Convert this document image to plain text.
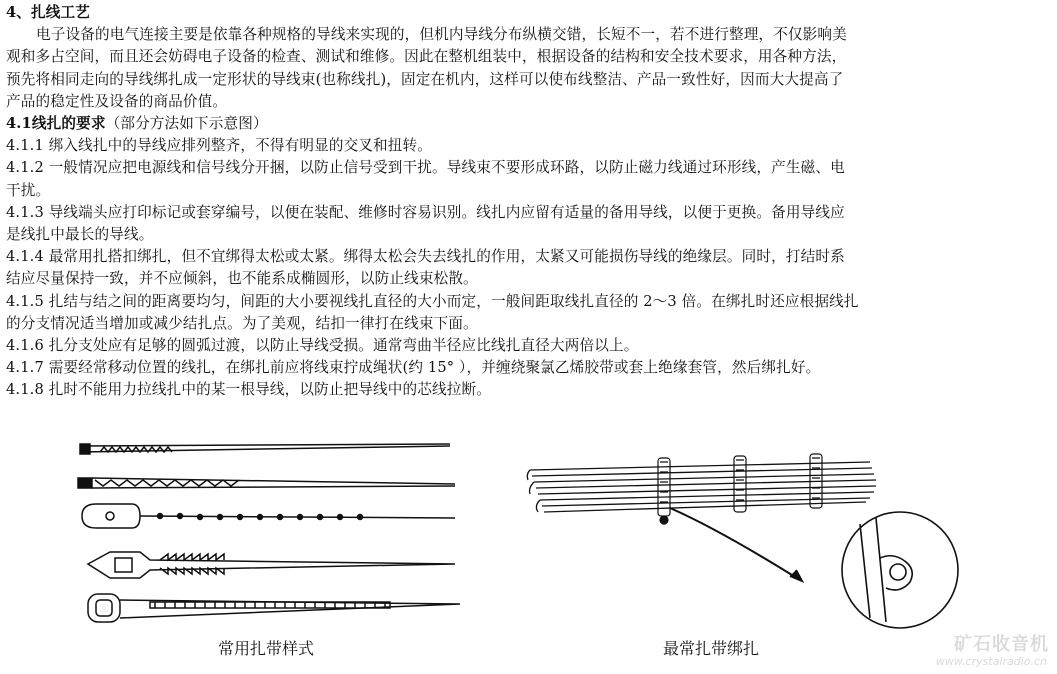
4、扎线工艺
电子设备的电气连接主要是依靠各种规格的导线来实现的，但机内导线分布纵横交错，长短不一，若不进行整理，不仅影响美
观和多占空间，而且还会妨碍电子设备的检查、测试和维修。因此在整机组装中，根据设备的结构和安全技术要求，用各种方法，
预先将相同走向的导线绑扎成一定形状的导线束(也称线扎)，固定在机内，这样可以使布线整洁、产品一致性好，因而大大提高了
产品的稳定性及设备的商品价值。
4.1线扎的要求（部分方法如下示意图）
4.1.1 绑入线扎中的导线应排列整齐，不得有明显的交叉和扭转。
4.1.2 一般情况应把电源线和信号线分开捆，以防止信号受到干扰。导线束不要形成环路，以防止磁力线通过环形线，产生磁、电
干扰。
4.1.3 导线端头应打印标记或套穿编号，以便在装配、维修时容易识别。线扎内应留有适量的备用导线，以便于更换。备用导线应
是线扎中最长的导线。
4.1.4 最常用扎搭扣绑扎，但不宜绑得太松或太紧。绑得太松会失去线扎的作用，太紧又可能损伤导线的绝缘层。同时，打结时系
结应尽量保持一致，并不应倾斜，也不能系成椭圆形，以防止线束松散。
4.1.5 扎结与结之间的距离要均匀，间距的大小要视线扎直径的大小而定，一般间距取线扎直径的 2～3 倍。在绑扎时还应根据线扎
的分支情况适当增加或减少结扎点。为了美观，结扣一律打在线束下面。
4.1.6 扎分支处应有足够的圆弧过渡，以防止导线受损。通常弯曲半径应比线扎直径大两倍以上。
4.1.7 需要经常移动位置的线扎，在绑扎前应将线束拧成绳状(约 15° ），并缠绕聚氯乙烯胶带或套上绝缘套管，然后绑扎好。
4.1.8 扎时不能用力拉线扎中的某一根导线，以防止把导线中的芯线拉断。
常用扎带样式	最常扎带绑扎	矿石收音机
www.crystalradio.cn
